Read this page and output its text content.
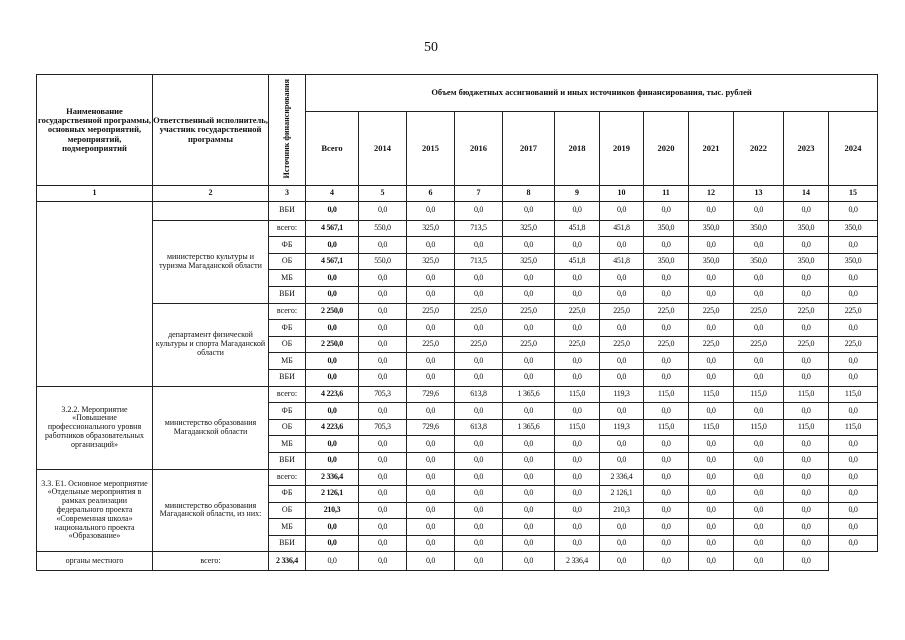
50
Наименование государственной программы, основных мероприятий, мероприятий, подмероприятий	Ответственный исполнитель, участник государственной программы	Источник финансирования	Объем бюджетных ассигнований и иных источников финансирования, тыс. рублей											
			Всего	2014	2015	2016	2017	2018	2019	2020	2021	2022	2023	2024
1	2	3	4	5	6	7	8	9	10	11	12	13	14	15
		ВБИ	0,0	0,0	0,0	0,0	0,0	0,0	0,0	0,0	0,0	0,0	0,0	0,0
	министерство культуры и туризма Магаданской области	всего:	4 567,1	550,0	325,0	713,5	325,0	451,8	451,8	350,0	350,0	350,0	350,0	350,0
		ФБ	0,0	0,0	0,0	0,0	0,0	0,0	0,0	0,0	0,0	0,0	0,0	0,0
		ОБ	4 567,1	550,0	325,0	713,5	325,0	451,8	451,8	350,0	350,0	350,0	350,0	350,0
		МБ	0,0	0,0	0,0	0,0	0,0	0,0	0,0	0,0	0,0	0,0	0,0	0,0
		ВБИ	0,0	0,0	0,0	0,0	0,0	0,0	0,0	0,0	0,0	0,0	0,0	0,0
	департамент физической культуры и спорта Магаданской области	всего:	2 250,0	0,0	225,0	225,0	225,0	225,0	225,0	225,0	225,0	225,0	225,0	225,0
		ФБ	0,0	0,0	0,0	0,0	0,0	0,0	0,0	0,0	0,0	0,0	0,0	0,0
		ОБ	2 250,0	0,0	225,0	225,0	225,0	225,0	225,0	225,0	225,0	225,0	225,0	225,0
		МБ	0,0	0,0	0,0	0,0	0,0	0,0	0,0	0,0	0,0	0,0	0,0	0,0
		ВБИ	0,0	0,0	0,0	0,0	0,0	0,0	0,0	0,0	0,0	0,0	0,0	0,0
3.2.2. Мероприятие «Повышение профессионального уровня работников образовательных организаций»	министерство образования Магаданской области	всего:	4 223,6	705,3	729,6	613,8	1 365,6	115,0	119,3	115,0	115,0	115,0	115,0	115,0
		ФБ	0,0	0,0	0,0	0,0	0,0	0,0	0,0	0,0	0,0	0,0	0,0	0,0
		ОБ	4 223,6	705,3	729,6	613,8	1 365,6	115,0	119,3	115,0	115,0	115,0	115,0	115,0
		МБ	0,0	0,0	0,0	0,0	0,0	0,0	0,0	0,0	0,0	0,0	0,0	0,0
		ВБИ	0,0	0,0	0,0	0,0	0,0	0,0	0,0	0,0	0,0	0,0	0,0	0,0
3.3. Е1. Основное мероприятие «Отдельные мероприятия в рамках реализации федерального проекта «Современная школа» национального проекта «Образование»	министерство образования Магаданской области, из них:	всего:	2 336,4	0,0	0,0	0,0	0,0	0,0	2 336,4	0,0	0,0	0,0	0,0	0,0
		ФБ	2 126,1	0,0	0,0	0,0	0,0	0,0	2 126,1	0,0	0,0	0,0	0,0	0,0
		ОБ	210,3	0,0	0,0	0,0	0,0	0,0	210,3	0,0	0,0	0,0	0,0	0,0
		МБ	0,0	0,0	0,0	0,0	0,0	0,0	0,0	0,0	0,0	0,0	0,0	0,0
		ВБИ	0,0	0,0	0,0	0,0	0,0	0,0	0,0	0,0	0,0	0,0	0,0	0,0
органы местного	всего:	2 336,4	0,0	0,0	0,0	0,0	0,0	2 336,4	0,0	0,0	0,0	0,0	0,0	
